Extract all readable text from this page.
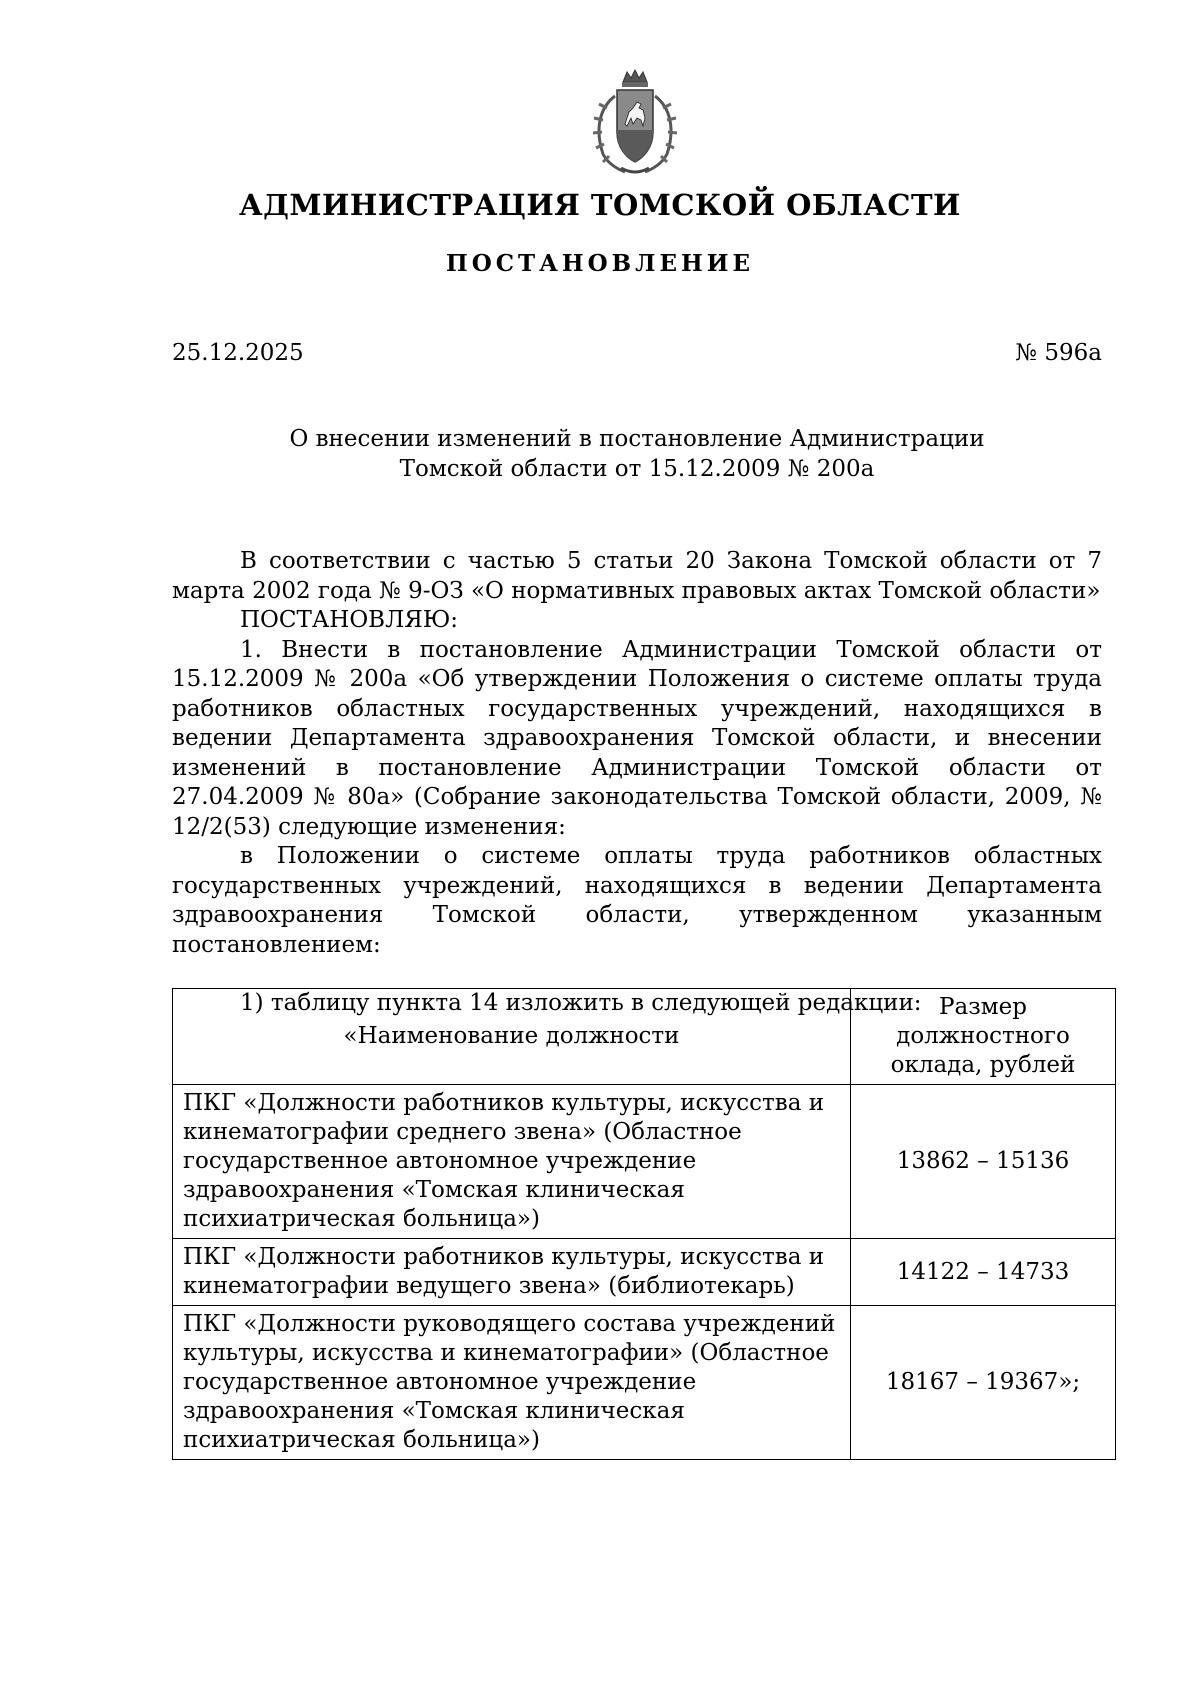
АДМИНИСТРАЦИЯ ТОМСКОЙ ОБЛАСТИ
ПОСТАНОВЛЕНИЕ
25.12.2025	№ 596а
О внесении изменений в постановление Администрации
Томской области от 15.12.2009 № 200а

В соответствии с частью 5 статьи 20 Закона Томской области от 7 марта 2002 года № 9-ОЗ «О нормативных правовых актах Томской области»

ПОСТАНОВЛЯЮ:

1. Внести в постановление Администрации Томской области от 15.12.2009 № 200а «Об утверждении Положения о системе оплаты труда работников областных государственных учреждений, находящихся в ведении Департамента здравоохранения Томской области, и внесении изменений в постановление Администрации Томской области от 27.04.2009 № 80а» (Собрание законодательства Томской области, 2009, № 12/2(53) следующие изменения:

в Положении о системе оплаты труда работников областных государственных учреждений, находящихся в ведении Департамента здравоохранения Томской области, утвержденном указанным постановлением:

1) таблицу пункта 14 изложить в следующей редакции:

«Наименование должности	Размер должностного оклада, рублей
ПКГ «Должности работников культуры, искусства и кинематографии среднего звена» (Областное государственное автономное учреждение здравоохранения «Томская клиническая психиатрическая больница»)	13862 – 15136
ПКГ «Должности работников культуры, искусства и кинематографии ведущего звена» (библиотекарь)	14122 – 14733
ПКГ «Должности руководящего состава учреждений культуры, искусства и кинематографии» (Областное государственное автономное учреждение здравоохранения «Томская клиническая психиатрическая больница»)	18167 – 19367»;
